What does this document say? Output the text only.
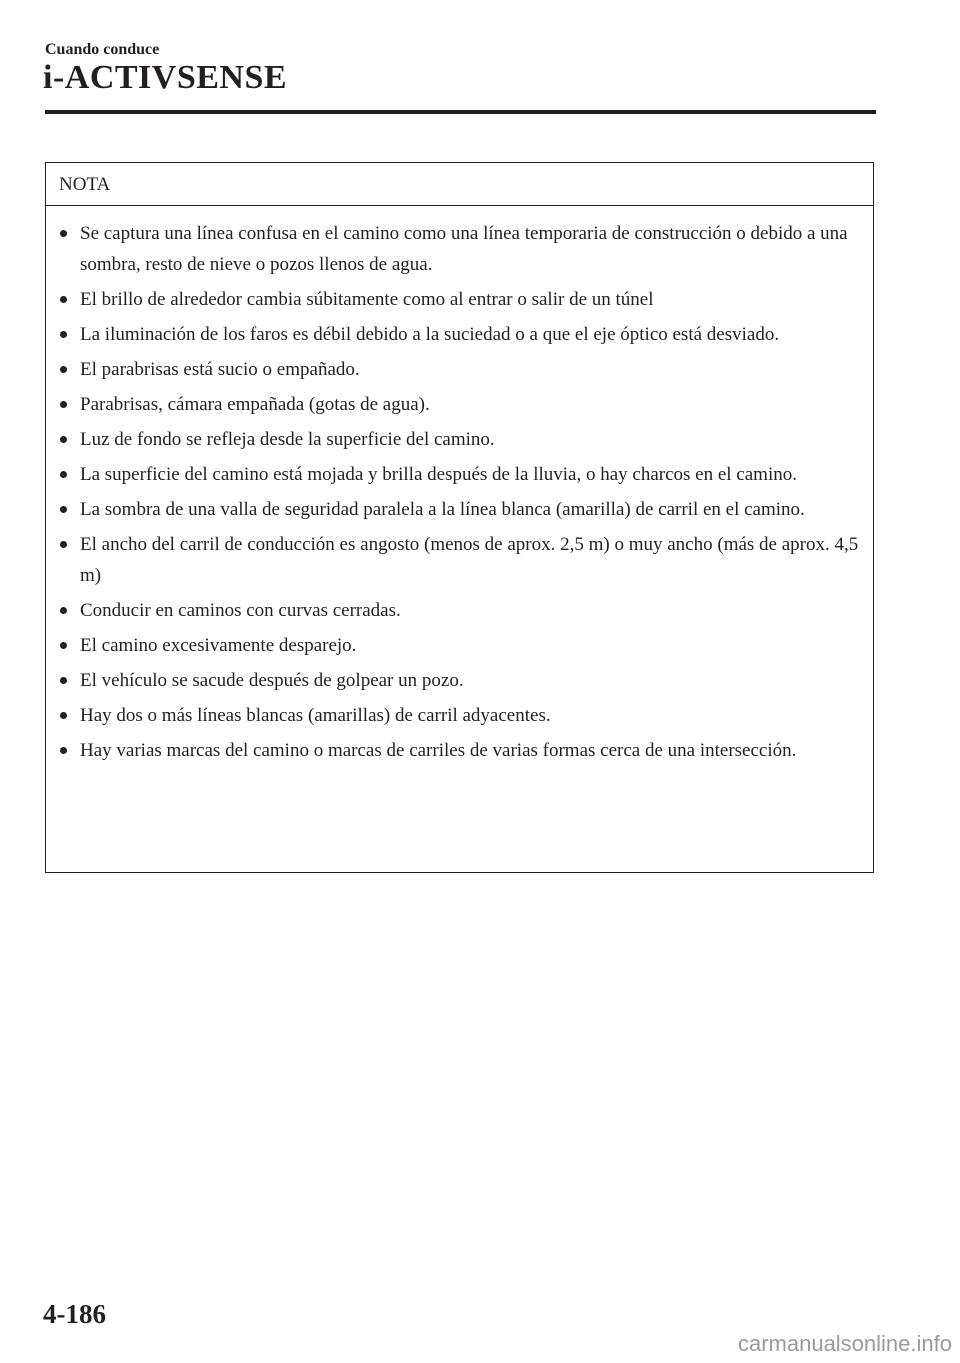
Cuando conduce
i-ACTIVSENSE
NOTA
Se captura una línea confusa en el camino como una línea temporaria de construcción o debido a una sombra, resto de nieve o pozos llenos de agua.
El brillo de alrededor cambia súbitamente como al entrar o salir de un túnel
La iluminación de los faros es débil debido a la suciedad o a que el eje óptico está desviado.
El parabrisas está sucio o empañado.
Parabrisas, cámara empañada (gotas de agua).
Luz de fondo se refleja desde la superficie del camino.
La superficie del camino está mojada y brilla después de la lluvia, o hay charcos en el camino.
La sombra de una valla de seguridad paralela a la línea blanca (amarilla) de carril en el camino.
El ancho del carril de conducción es angosto (menos de aprox. 2,5 m) o muy ancho (más de aprox. 4,5 m)
Conducir en caminos con curvas cerradas.
El camino excesivamente desparejo.
El vehículo se sacude después de golpear un pozo.
Hay dos o más líneas blancas (amarillas) de carril adyacentes.
Hay varias marcas del camino o marcas de carriles de varias formas cerca de una intersección.
4-186
carmanualsonline.info
